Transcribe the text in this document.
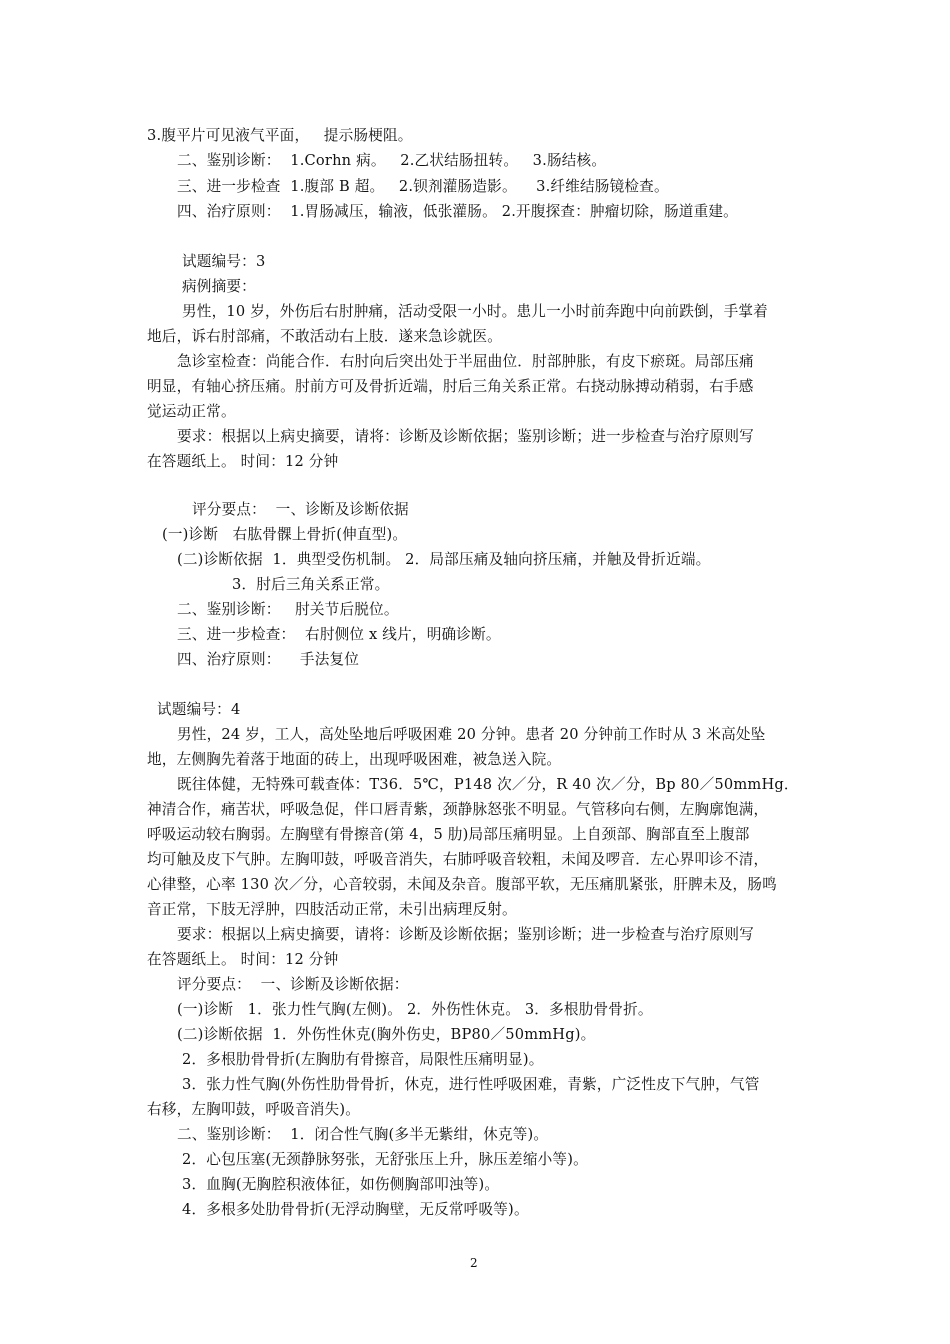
3.腹平片可见液气平面，   提示肠梗阻。
二、鉴别诊断：  1.Corhn 病。   2.乙状结肠扭转。   3.肠结核。
三、进一步检查  1.腹部 B 超。   2.钡剂灌肠造影。    3.纤维结肠镜检查。
四、治疗原则：  1.胃肠减压，输液，低张灌肠。 2.开腹探查：肿瘤切除，肠道重建。
试题编号：3
病例摘要：
男性，10 岁，外伤后右肘肿痛，活动受限一小时。患儿一小时前奔跑中向前跌倒，手掌着
地后，诉右肘部痛，不敢活动右上肢．遂来急诊就医。
急诊室检查：尚能合作．右肘向后突出处于半屈曲位．肘部肿胀，有皮下瘀斑。局部压痛
明显，有轴心挤压痛。肘前方可及骨折近端，肘后三角关系正常。右挠动脉搏动稍弱，右手感
觉运动正常。
要求：根据以上病史摘要，请将：诊断及诊断依据；鉴别诊断；进一步检查与治疗原则写
在答题纸上。 时间：12 分钟
评分要点：  一、诊断及诊断依据
(一)诊断   右肱骨髁上骨折(伸直型)。
(二)诊断依据  1．典型受伤机制。 2．局部压痛及轴向挤压痛，并触及骨折近端。
3．肘后三角关系正常。
二、鉴别诊断：   肘关节后脱位。
三、进一步检查：  右肘侧位 x 线片，明确诊断。
四、治疗原则：    手法复位
试题编号：4
男性，24 岁，工人，高处坠地后呼吸困难 20 分钟。患者 20 分钟前工作时从 3 米高处坠
地，左侧胸先着落于地面的砖上，出现呼吸困难，被急送入院。
既往体健，无特殊可载查体：T36．5℃，P148 次／分，R 40 次／分，Bp 80／50mmHg．
神清合作，痛苦状，呼吸急促，伴口唇青紫，颈静脉怒张不明显。气管移向右侧，左胸廓饱满，
呼吸运动较右胸弱。左胸壁有骨擦音(第 4，5 肋)局部压痛明显。上自颈部、胸部直至上腹部
均可触及皮下气肿。左胸叩鼓，呼吸音消失，右肺呼吸音较粗，未闻及啰音．左心界叩诊不清，
心律整，心率 130 次／分，心音较弱，未闻及杂音。腹部平软，无压痛肌紧张，肝脾未及，肠鸣
音正常，下肢无浮肿，四肢活动正常，未引出病理反射。
要求：根据以上病史摘要，请将：诊断及诊断依据；鉴别诊断；进一步检查与治疗原则写
在答题纸上。 时间：12 分钟
评分要点：  一、诊断及诊断依据：
(一)诊断   1．张力性气胸(左侧)。 2．外伤性休克。 3．多根肋骨骨折。
(二)诊断依据  1．外伤性休克(胸外伤史，BP80／50mmHg)。
2．多根肋骨骨折(左胸肋有骨擦音，局限性压痛明显)。
3．张力性气胸(外伤性肋骨骨折，休克，进行性呼吸困难，青紫，广泛性皮下气肿，气管
右移，左胸叩鼓，呼吸音消失)。
二、鉴别诊断：  1．闭合性气胸(多半无紫绀，休克等)。
2．心包压塞(无颈静脉努张，无舒张压上升，脉压差缩小等)。
3．血胸(无胸腔积液体征，如伤侧胸部叩浊等)。
4．多根多处肋骨骨折(无浮动胸壁，无反常呼吸等)。
2
